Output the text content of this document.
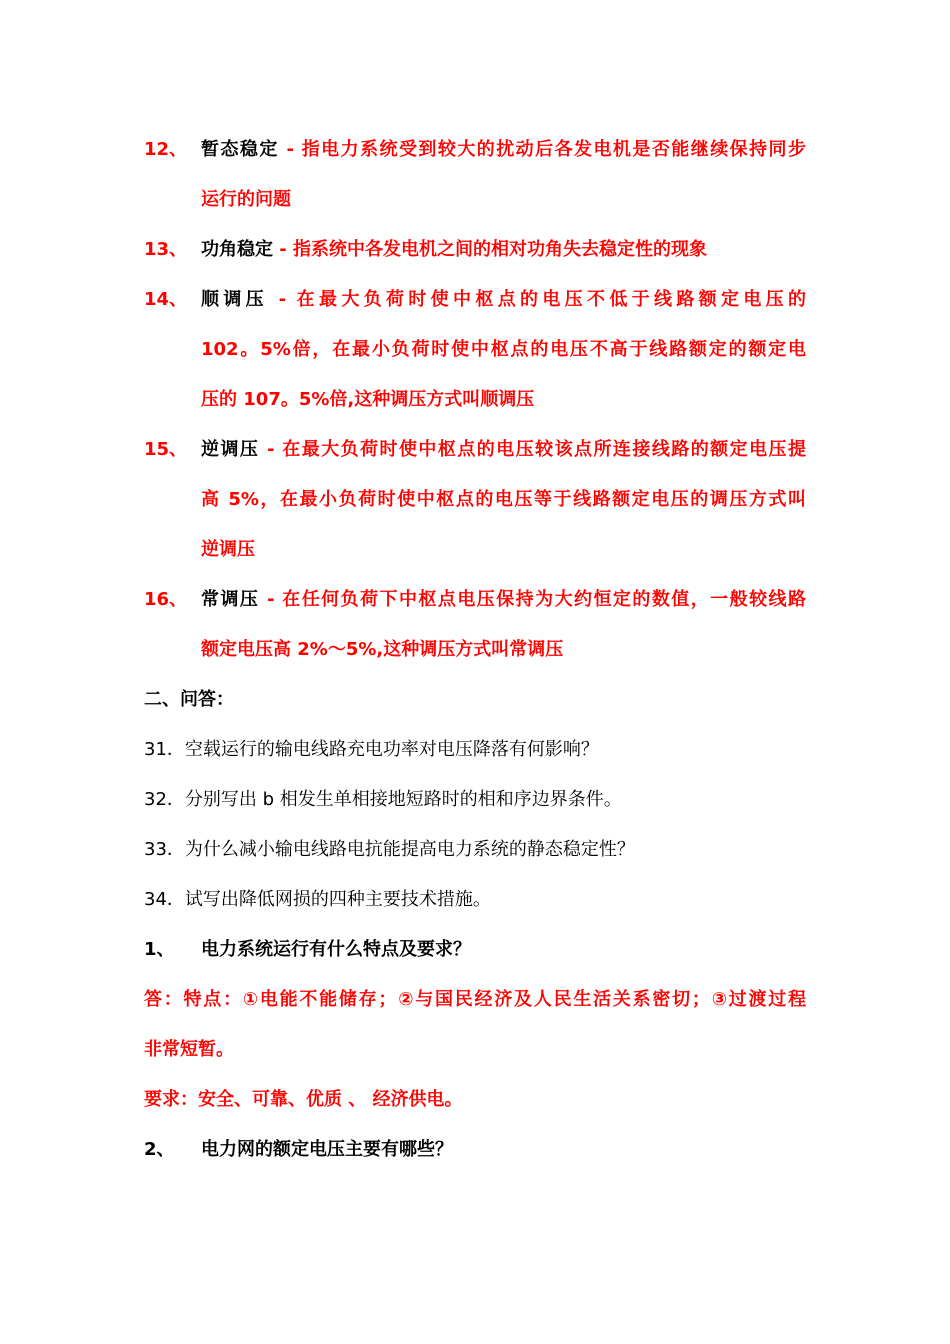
12、 暂态稳定 - 指电力系统受到较大的扰动后各发电机是否能继续保持同步
运行的问题
13、 功角稳定 - 指系统中各发电机之间的相对功角失去稳定性的现象
14、 顺调压 - 在最大负荷时使中枢点的电压不低于线路额定电压的
102。5%倍，在最小负荷时使中枢点的电压不高于线路额定的额定电
压的 107。5%倍,这种调压方式叫顺调压
15、 逆调压 - 在最大负荷时使中枢点的电压较该点所连接线路的额定电压提
高 5%，在最小负荷时使中枢点的电压等于线路额定电压的调压方式叫
逆调压
16、 常调压 - 在任何负荷下中枢点电压保持为大约恒定的数值，一般较线路
额定电压高 2%～5%,这种调压方式叫常调压
二、问答：
31．空载运行的输电线路充电功率对电压降落有何影响？
32．分别写出 b 相发生单相接地短路时的相和序边界条件。
33．为什么减小输电线路电抗能提高电力系统的静态稳定性？
34．试写出降低网损的四种主要技术措施。
1、 电力系统运行有什么特点及要求？
答：特点：①电能不能储存；②与国民经济及人民生活关系密切；③过渡过程
非常短暂。
要求：安全、可靠、优质 、 经济供电。
2、 电力网的额定电压主要有哪些？
